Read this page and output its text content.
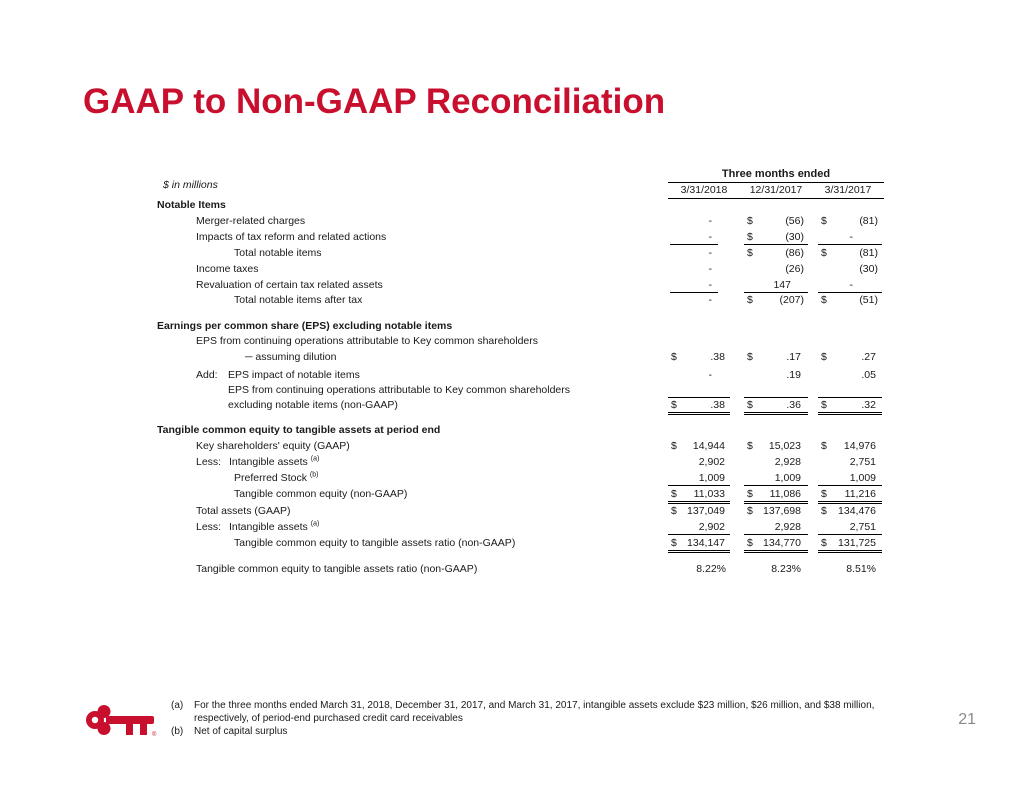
GAAP to Non-GAAP Reconciliation
$ in millions
Three months ended
3/31/2018	12/31/2017	3/31/2017
Notable Items
Merger-related charges	-	$	(56) $	(81)
Impacts of tax reform and related actions	-	$	(30)	-
Total notable items	-	$	(86) $	(81)
Income taxes	-	(26)	(30)
Revaluation of certain tax related assets	-	147	-
Total notable items after tax	-	$	(207) $	(51)
Earnings per common share (EPS) excluding notable items
EPS from continuing operations attributable to Key common shareholders
─ assuming dilution	$	.38 $	.17 $	.27
Add: EPS impact of notable items	-	.19	.05
EPS from continuing operations attributable to Key common shareholders
excluding notable items (non-GAAP)	$	.38 $	.36 $	.32
Tangible common equity to tangible assets at period end
Key shareholders' equity (GAAP)	$	14,944 $	15,023 $	14,976
Less: Intangible assets $^{(a)}$	2,902	2,928	2,751
Preferred Stock $^{(b)}$	1,009	1,009	1,009
Tangible common equity (non-GAAP)	$	11,033 $	11,086 $	11,216
Total assets (GAAP)	$ 137,049 $ 137,698 $	134,476
Less: Intangible assets $^{(a)}$	2,902	2,928	2,751
Tangible common equity to tangible assets ratio (non-GAAP)	$ 134,147 $ 134,770 $	131,725
Tangible common equity to tangible assets ratio (non-GAAP)	8.22%	8.23%	8.51%
®
(a)	For the three months ended March 31, 2018, December 31, 2017, and March 31, 2017, intangible assets exclude $23 million, $26 million, and $38 million,
respectively, of period-end purchased credit card receivables
(b)	Net of capital surplus
21
